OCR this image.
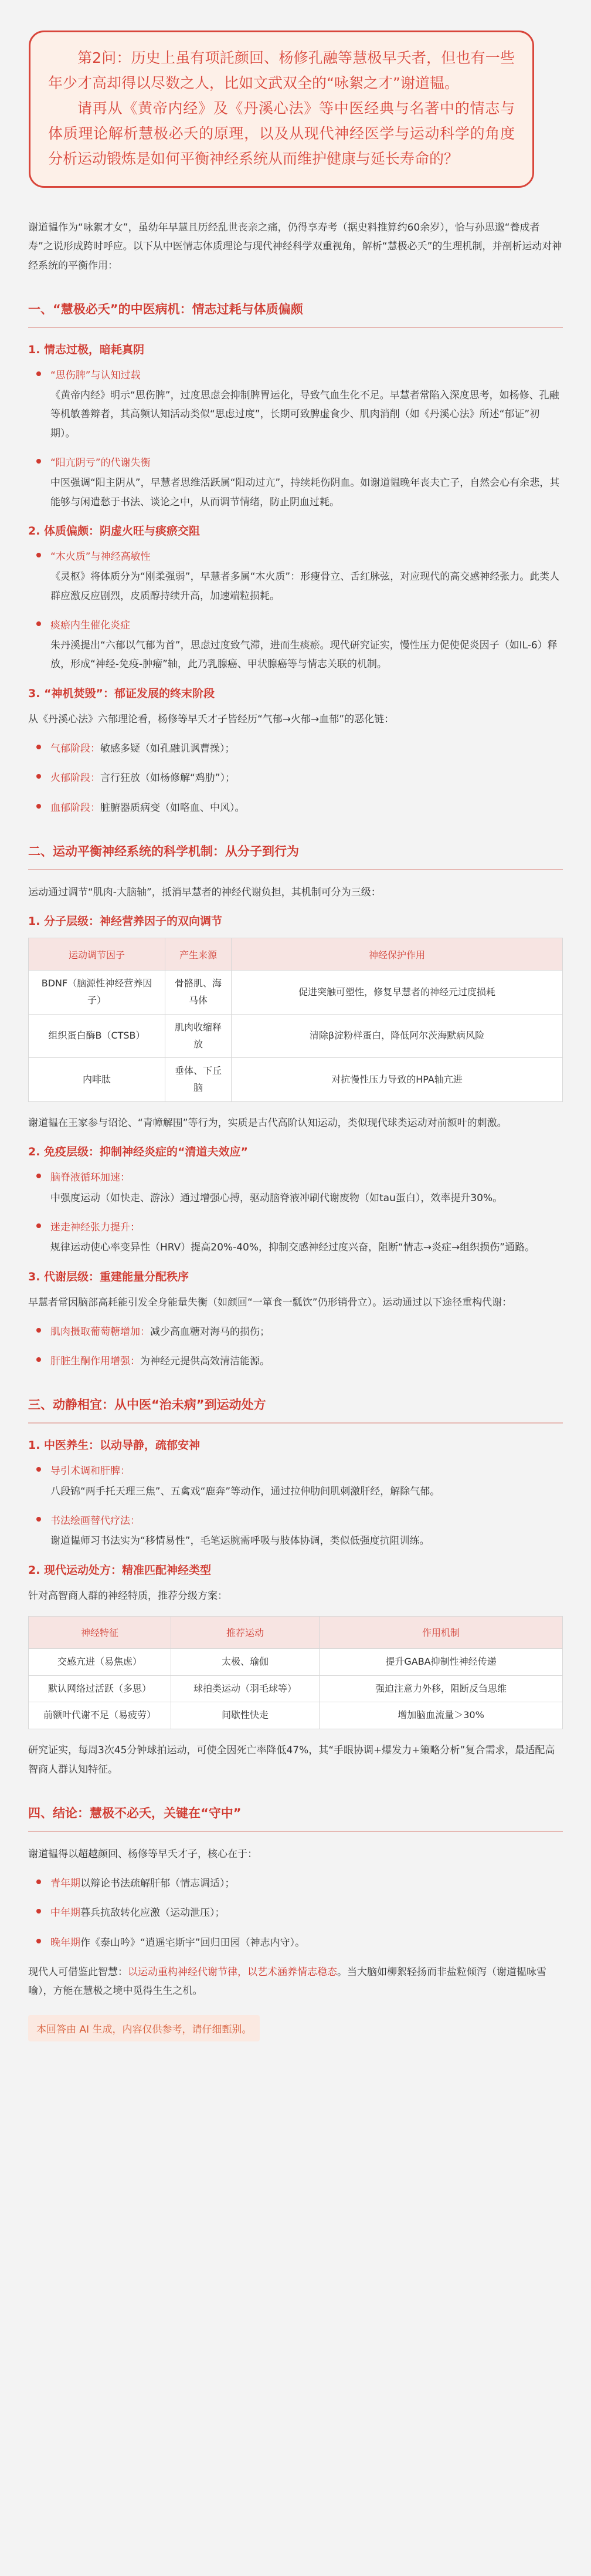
第2问：历史上虽有项託颜回、杨修孔融等慧极早夭者，但也有一些年少才高却得以尽数之人，比如文武双全的“咏絮之才”谢道韫。

请再从《黄帝内经》及《丹溪心法》等中医经典与名著中的情志与体质理论解析慧极必夭的原理，以及从现代神经医学与运动科学的角度分析运动锻炼是如何平衡神经系统从而维护健康与延长寿命的？

谢道韫作为“咏絮才女”，虽幼年早慧且历经乱世丧亲之痛，仍得享寿考（据史料推算约60余岁），恰与孙思邈“養成者寿”之说形成跨时呼应。以下从中医情志体质理论与现代神经科学双重视角，解析“慧极必夭”的生理机制，并剖析运动对神经系统的平衡作用：
一、“慧极必夭”的中医病机：情志过耗与体质偏颇
1. 情志过极，暗耗真阴
“思伤脾”与认知过载
《黄帝内经》明示“思伤脾”，过度思虑会抑制脾胃运化，导致气血生化不足。早慧者常陷入深度思考，如杨修、孔融等机敏善辩者，其高频认知活动类似“思虑过度”，长期可致脾虚食少、肌肉消削（如《丹溪心法》所述“郁证”初期）。
“阳亢阴亏”的代谢失衡
中医强调“阳主阴从”，早慧者思维活跃属“阳动过亢”，持续耗伤阴血。如谢道韫晚年丧夫亡子，自然会心有余悲，其能够与闲遣愁于书法、谈论之中，从而调节情绪，防止阴血过耗。
2. 体质偏颇：阴虚火旺与痰瘀交阻
“木火质”与神经高敏性
《灵枢》将体质分为“刚柔强弱”，早慧者多属“木火质”：形瘦骨立、舌红脉弦，对应现代的高交感神经张力。此类人群应激反应剧烈，皮质醇持续升高，加速端粒损耗。
痰瘀内生催化炎症
朱丹溪提出“六郁以气郁为首”，思虑过度致气滞，进而生痰瘀。现代研究证实，慢性压力促使促炎因子（如IL-6）释放，形成“神经-免疫-肿瘤”轴，此乃乳腺癌、甲状腺癌等与情志关联的机制。
3. “神机焚毁”：郁证发展的终末阶段
从《丹溪心法》六郁理论看，杨修等早夭才子皆经历“气郁→火郁→血郁”的恶化链：
气郁阶段：敏感多疑（如孔融讥讽曹操）；
火郁阶段：言行狂放（如杨修解“鸡肋”）；
血郁阶段：脏腑器质病变（如咯血、中风）。
二、运动平衡神经系统的科学机制：从分子到行为
运动通过调节“肌肉-大脑轴”，抵消早慧者的神经代谢负担，其机制可分为三级：
1. 分子层级：神经营养因子的双向调节
运动调节因子	产生来源	神经保护作用
BDNF（脑源性神经营养因子）	骨骼肌、海马体	促进突触可塑性，修复早慧者的神经元过度损耗
组织蛋白酶B（CTSB）	肌肉收缩释放	清除β淀粉样蛋白，降低阿尔茨海默病风险
内啡肽	垂体、下丘脑	对抗慢性压力导致的HPA轴亢进
谢道韫在王家参与诏论、“青幛解围”等行为，实质是古代高阶认知运动，类似现代球类运动对前额叶的刺激。
2. 免疫层级：抑制神经炎症的“清道夫效应”
脑脊液循环加速：
中强度运动（如快走、游泳）通过增强心搏，驱动脑脊液冲刷代谢废物（如tau蛋白），效率提升30%。
迷走神经张力提升：
规律运动使心率变异性（HRV）提高20%-40%，抑制交感神经过度兴奋，阻断“情志→炎症→组织损伤”通路。
3. 代谢层级：重建能量分配秩序
早慧者常因脑部高耗能引发全身能量失衡（如颜回“一箪食一瓢饮”仍形销骨立）。运动通过以下途径重构代谢：
肌肉摄取葡萄糖增加：减少高血糖对海马的损伤；
肝脏生酮作用增强：为神经元提供高效清洁能源。
三、动静相宜：从中医“治未病”到运动处方
1. 中医养生：以动导静，疏郁安神
导引术调和肝脾：
八段锦“两手托天理三焦”、五禽戏“鹿奔”等动作，通过拉伸肋间肌刺激肝经，解除气郁。
书法绘画替代疗法：
谢道韫师习书法实为“移情易性”，毛笔运腕需呼吸与肢体协调，类似低强度抗阻训练。
2. 现代运动处方：精准匹配神经类型
针对高智商人群的神经特质，推荐分级方案：
神经特征	推荐运动	作用机制
交感亢进（易焦虑）	太极、瑜伽	提升GABA抑制性神经传递
默认网络过活跃（多思）	球拍类运动（羽毛球等）	强迫注意力外移，阻断反刍思维
前额叶代谢不足（易疲劳）	间歇性快走	增加脑血流量＞30%
研究证实，每周3次45分钟球拍运动，可使全因死亡率降低47%，其“手眼协调+爆发力+策略分析”复合需求，最适配高智商人群认知特征。
四、结论：慧极不必夭，关键在“守中”
谢道韫得以超越颜回、杨修等早夭才子，核心在于：
青年期以辩论书法疏解肝郁（情志调适）；
中年期暮兵抗敌转化应激（运动泄压）；
晚年期作《泰山吟》“逍遥宅斯宇”回归田园（神志内守）。
现代人可借鉴此智慧：以运动重构神经代谢节律，以艺术涵养情志稳态。当大脑如柳絮轻扬而非盐粒倾泻（谢道韫咏雪喻），方能在慧极之境中觅得生生之机。
本回答由 AI 生成，内容仅供参考，请仔细甄别。
